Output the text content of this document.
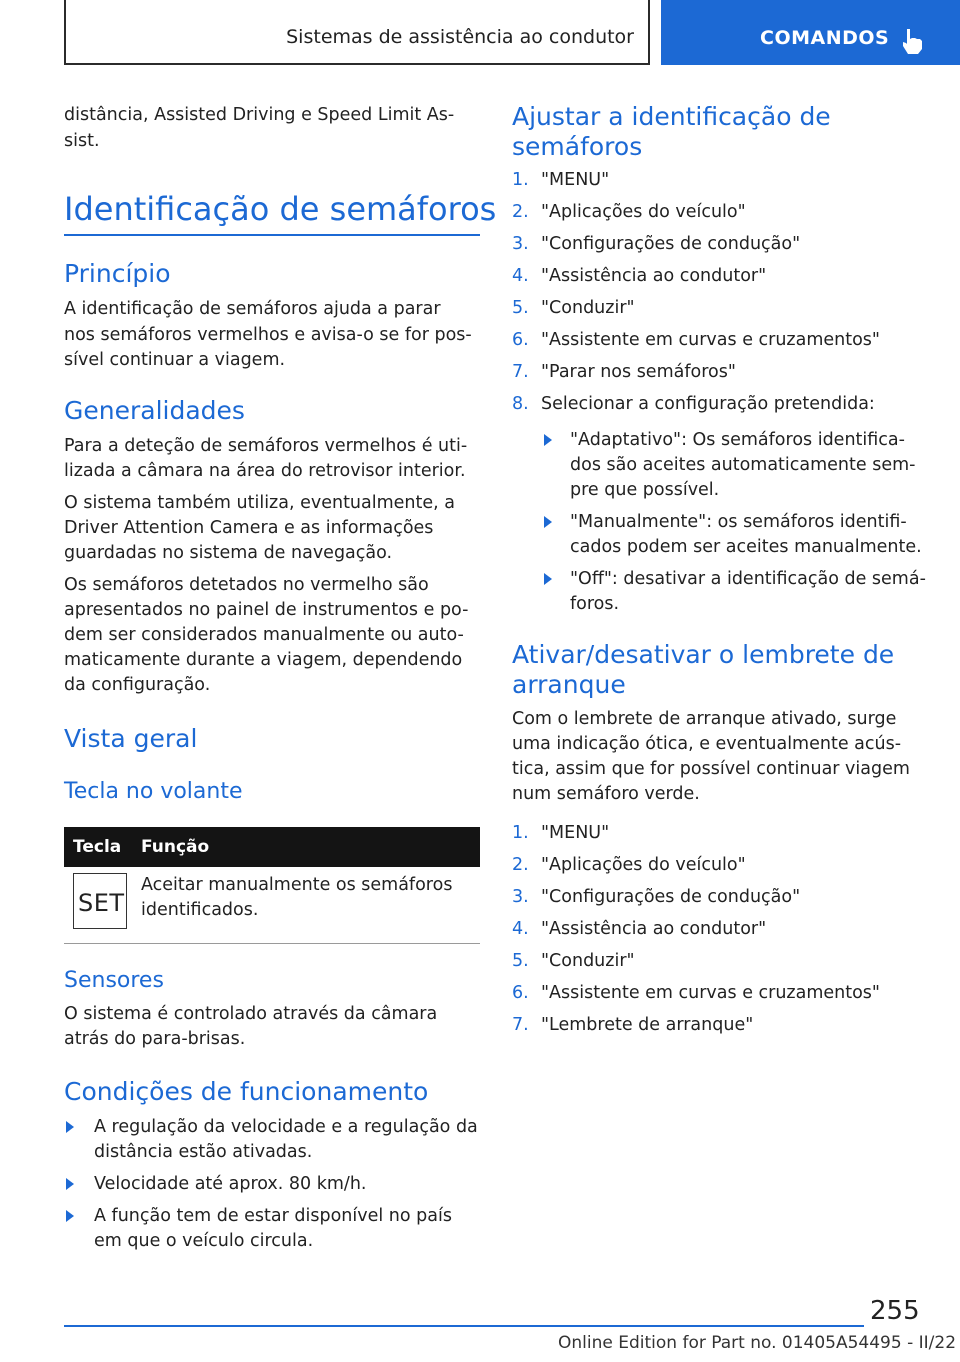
Sistemas de assistência ao condutor	COMANDOS
distância, Assisted Driving e Speed Limit As-
sist.
Identificação de semáforos
Princípio
A identificação de semáforos ajuda a parar
nos semáforos vermelhos e avisa-o se for pos-
sível continuar a viagem.
Generalidades
Para a deteção de semáforos vermelhos é uti-
lizada a câmara na área do retrovisor interior.
O sistema também utiliza, eventualmente, a
Driver Attention Camera e as informações
guardadas no sistema de navegação.
Os semáforos detetados no vermelho são
apresentados no painel de instrumentos e po-
dem ser considerados manualmente ou auto-
maticamente durante a viagem, dependendo
da configuração.
Vista geral
Tecla no volante
Tecla Função
SET
Aceitar manualmente os semáforos
identificados.
Sensores
O sistema é controlado através da câmara
atrás do para-brisas.
Condições de funcionamento
A regulação da velocidade e a regulação da
distância estão ativadas.
Velocidade até aprox. 80 km/h.
A função tem de estar disponível no país
em que o veículo circula.
Ajustar a identificação de
semáforos
1. "MENU"
2. "Aplicações do veículo"
3. "Configurações de condução"
4. "Assistência ao condutor"
5. "Conduzir"
6. "Assistente em curvas e cruzamentos"
7. "Parar nos semáforos"
8. Selecionar a configuração pretendida:
"Adaptativo": Os semáforos identifica-
dos são aceites automaticamente sem-
pre que possível.
"Manualmente": os semáforos identifi-
cados podem ser aceites manualmente.
"Off": desativar a identificação de semá-
foros.
Ativar/desativar o lembrete de
arranque
Com o lembrete de arranque ativado, surge
uma indicação ótica, e eventualmente acús-
tica, assim que for possível continuar viagem
num semáforo verde.
1. "MENU"
2. "Aplicações do veículo"
3. "Configurações de condução"
4. "Assistência ao condutor"
5. "Conduzir"
6. "Assistente em curvas e cruzamentos"
7. "Lembrete de arranque"
255
Online Edition for Part no. 01405A54495 - II/22
